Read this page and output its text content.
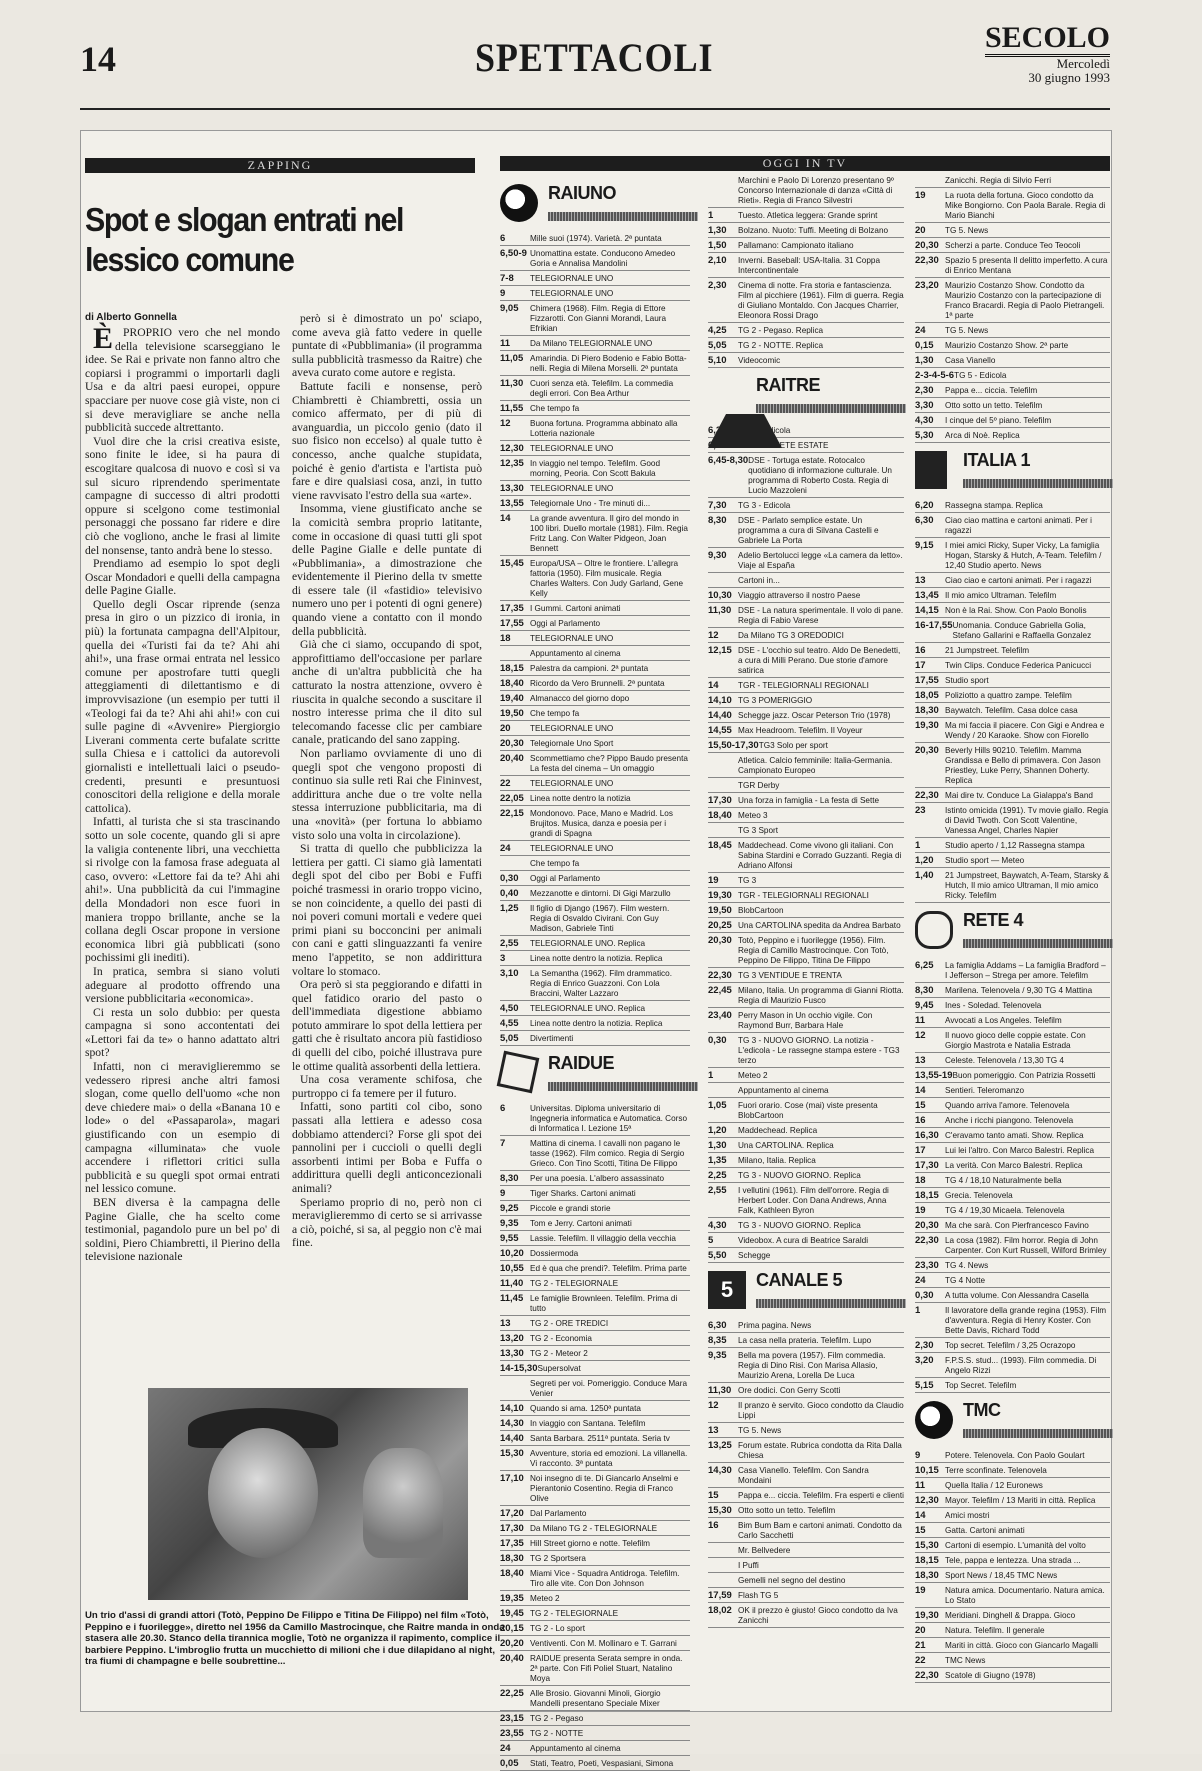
14	SPETTACOLI	SECOLO
Mercoledì
30 giugno 1993
ZAPPING
Spot e slogan entrati nel lessico comune
di Alberto Gonnella

ÈPROPRIO vero che nel mondo della televisione scarseggiano le idee. Se Rai e private non fanno altro che copiarsi i programmi o importarli dagli Usa e da altri paesi europei, oppure spacciare per nuove cose già viste, non ci si deve meravigliare se anche nella pubblicità succede altrettanto.

Vuol dire che la crisi creativa esiste, sono finite le idee, si ha paura di escogitare qualcosa di nuovo e così si va sul sicuro riprendendo sperimentate campagne di successo di altri prodotti oppure si scelgono come testimonial personaggi che possano far ridere e dire ciò che vogliono, anche le frasi al limite del nonsense, tanto andrà bene lo stesso.

Prendiamo ad esempio lo spot degli Oscar Mondadori e quelli della campagna delle Pagine Gialle.

Quello degli Oscar riprende (senza presa in giro o un pizzico di ironia, in più) la fortunata campagna dell'Alpitour, quella dei «Turisti fai da te? Ahi ahi ahi!», una frase ormai entrata nel lessico comune per apostrofare tutti quegli atteggiamenti di dilettantismo e di improvvisazione (un esempio per tutti il «Teologi fai da te? Ahi ahi ahi!» con cui sulle pagine di «Avvenire» Piergiorgio Liverani commenta certe bufalate scritte sulla Chiesa e i cattolici da autorevoli giornalisti e intellettuali laici o pseudo-credenti, presunti e presuntuosi conoscitori della religione e della morale cattolica).

Infatti, al turista che si sta trascinando sotto un sole cocente, quando gli si apre la valigia contenente libri, una vecchietta si rivolge con la famosa frase adeguata al caso, ovvero: «Lettore fai da te? Ahi ahi ahi!». Una pubblicità da cui l'immagine della Mondadori non esce fuori in maniera troppo brillante, anche se la collana degli Oscar propone in versione economica libri già pubblicati (sono pochissimi gli inediti).

In pratica, sembra si siano voluti adeguare al prodotto offrendo una versione pubblicitaria «economica».

Ci resta un solo dubbio: per questa campagna si sono accontentati dei «Lettori fai da te» o hanno adattato altri spot?

Infatti, non ci meraviglieremmo se vedessero ripresi anche altri famosi slogan, come quello dell'uomo «che non deve chiedere mai» o della «Banana 10 e lode» o del «Passaparola», magari giustificando con un esempio di campagna «illuminata» che vuole accendere i riflettori critici sulla pubblicità e su quegli spot ormai entrati nel lessico comune.

BEN diversa è la campagna delle Pagine Gialle, che ha scelto come testimonial, pagandolo pure un bel po' di soldini, Piero Chiambretti, il Pierino della televisione nazionale

però si è dimostrato un po' sciapo, come aveva già fatto vedere in quelle puntate di «Pubblimania» (il programma sulla pubblicità trasmesso da Raitre) che aveva curato come autore e regista.

Battute facili e nonsense, però Chiambretti è Chiambretti, ossia un comico affermato, per di più di avanguardia, un piccolo genio (dato il suo fisico non eccelso) al quale tutto è concesso, anche qualche stupidata, poiché è genio d'artista e l'artista può fare e dire qualsiasi cosa, anzi, in tutto viene ravvisato l'estro della sua «arte».

Insomma, viene giustificato anche se la comicità sembra proprio latitante, come in occasione di quasi tutti gli spot delle Pagine Gialle e delle puntate di «Pubblimania», a dimostrazione che evidentemente il Pierino della tv smette di essere tale (il «fastidio» televisivo numero uno per i potenti di ogni genere) quando viene a contatto con il mondo della pubblicità.

Già che ci siamo, occupando di spot, approfittiamo dell'occasione per parlare anche di un'altra pubblicità che ha catturato la nostra attenzione, ovvero è riuscita in qualche secondo a suscitare il nostro interesse prima che il dito sul telecomando facesse clic per cambiare canale, praticando del sano zapping.

Non parliamo ovviamente di uno di quegli spot che vengono proposti di continuo sia sulle reti Rai che Fininvest, addirittura anche due o tre volte nella stessa interruzione pubblicitaria, ma di una «novità» (per fortuna lo abbiamo visto solo una volta in circolazione).

Si tratta di quello che pubblicizza la lettiera per gatti. Ci siamo già lamentati degli spot del cibo per Bobi e Fuffi poiché trasmessi in orario troppo vicino, se non coincidente, a quello dei pasti di noi poveri comuni mortali e vedere quei primi piani su bocconcini per animali con cani e gatti slinguazzanti fa venire meno l'appetito, se non addirittura voltare lo stomaco.

Ora però si sta peggiorando e difatti in quel fatidico orario del pasto o dell'immediata digestione abbiamo potuto ammirare lo spot della lettiera per gatti che è risultato ancora più fastidioso di quelli del cibo, poiché illustrava pure le ottime qualità assorbenti della lettiera.

Una cosa veramente schifosa, che purtroppo ci fa temere per il futuro.

Infatti, sono partiti col cibo, sono passati alla lettiera e adesso cosa dobbiamo attenderci? Forse gli spot dei pannolini per i cuccioli o quelli degli assorbenti intimi per Boba e Fuffa o addirittura quelli degli anticoncezionali animali?

Speriamo proprio di no, però non ci meraviglieremmo di certo se si arrivasse a ciò, poiché, si sa, al peggio non c'è mai fine.

Un trio d'assi di grandi attori (Totò, Peppino De Filippo e Titina De Filippo) nel film «Totò, Peppino e i fuorilegge», diretto nel 1956 da Camillo Mastrocinque, che Raitre manda in onda stasera alle 20.30. Stanco della tirannica moglie, Totò ne organizza il rapimento, complice il barbiere Peppino. L'imbroglio frutta un mucchietto di milioni che i due dilapidano al night, tra fiumi di champagne e belle soubrettine...
OGGI IN TV
RAIUNO
6	Mille suoi (1974). Varietà. 2ª puntata
6,50-9 Unomattina estate. Conducono Amedeo Goria e Annalisa Mandolini
7-8	TELEGIORNALE UNO
9	TELEGIORNALE UNO
9,05	Chimera (1968). Film. Regia di Ettore Fizzarotti. Con Gianni Morandi, Laura Efrikian
11	Da Milano TELEGIORNALE UNO
11,05 Amarindia. Di Piero Bodenio e Fabio Botta-nelli. Regia di Milena Morselli. 2ª puntata
11,30 Cuori senza età. Telefilm. La commedia degli errori. Con Bea Arthur
11,55 Che tempo fa
12	Buona fortuna. Programma abbinato alla Lotteria nazionale
12,30 TELEGIORNALE UNO
12,35 In viaggio nel tempo. Telefilm. Good morning, Peoria. Con Scott Bakula
13,30 TELEGIORNALE UNO
13,55 Telegiornale Uno - Tre minuti di...
14	La grande avventura. Il giro del mondo in 100 libri. Duello mortale (1981). Film. Regia Fritz Lang. Con Walter Pidgeon, Joan Bennett
15,45 Europa/USA – Oltre le frontiere. L'allegra fattoria (1950). Film musicale. Regia Charles Walters. Con Judy Garland, Gene Kelly
17,35 I Gummi. Cartoni animati
17,55 Oggi al Parlamento
18	TELEGIORNALE UNO
Appuntamento al cinema
18,15 Palestra da campioni. 2ª puntata
18,40 Ricordo da Vero Brunnelli. 2ª puntata
19,40 Almanacco del giorno dopo
19,50 Che tempo fa
20	TELEGIORNALE UNO
20,30 Telegiornale Uno Sport
20,40 Scommettiamo che? Pippo Baudo presenta La festa del cinema – Un omaggio
22	TELEGIORNALE UNO
22,05 Linea notte dentro la notizia
22,15 Mondonovo. Pace, Mano e Madrid. Los Brujitos. Musica, danza e poesia per i grandi di Spagna
24	TELEGIORNALE UNO
Che tempo fa
0,30	Oggi al Parlamento
0,40	Mezzanotte e dintorni. Di Gigi Marzullo
1,25	Il figlio di Django (1967). Film western. Regia di Osvaldo Civirani. Con Guy Madison, Gabriele Tinti
2,55	TELEGIORNALE UNO. Replica
3	Linea notte dentro la notizia. Replica
3,10	La Semantha (1962). Film drammatico. Regia di Enrico Guazzoni. Con Lola Braccini, Walter Lazzaro
4,50	TELEGIORNALE UNO. Replica
4,55	Linea notte dentro la notizia. Replica
5,05	Divertimenti
RAIDUE
6	Universitas. Diploma universitario di Ingegneria informatica e Automatica. Corso di Informatica I. Lezione 15ª
7	Mattina di cinema. I cavalli non pagano le tasse (1962). Film comico. Regia di Sergio Grieco. Con Tino Scotti, Titina De Filippo
8,30	Per una poesia. L'albero assassinato
9	Tiger Sharks. Cartoni animati
9,25	Piccole e grandi storie
9,35	Tom e Jerry. Cartoni animati
9,55	Lassie. Telefilm. Il villaggio della vecchia
10,20 Dossiermoda
10,55 Ed è qua che prendi?. Telefilm. Prima parte
11,40 TG 2 - TELEGIORNALE
11,45 Le famiglie Brownleen. Telefilm. Prima di tutto
13	TG 2 - ORE TREDICI
13,20 TG 2 - Economia
13,30 TG 2 - Meteor 2
14-15,30 Supersolvat
Segreti per voi. Pomeriggio. Conduce Mara Venier
14,10 Quando si ama. 1250ª puntata
14,30 In viaggio con Santana. Telefilm
14,40 Santa Barbara. 2511ª puntata. Seria tv
15,30 Avventure, storia ed emozioni. La villanella. Vi racconto. 3ª puntata
17,10 Noi insegno di te. Di Giancarlo Anselmi e Pierantonio Cosentino. Regia di Franco Olive
17,20 Dal Parlamento
17,30 Da Milano TG 2 - TELEGIORNALE
17,35 Hill Street giorno e notte. Telefilm
18,30 TG 2 Sportsera
18,40 Miami Vice - Squadra Antidroga. Telefilm. Tiro alle vite. Con Don Johnson
19,35 Meteo 2
19,45 TG 2 - TELEGIORNALE
20,15 TG 2 - Lo sport
20,20 Ventiventi. Con M. Mollinaro e T. Garrani
20,40 RAIDUE presenta Serata sempre in onda. 2ª parte. Con Fifi Poliel Stuart, Natalino Moya
22,25 Alle Brosio. Giovanni Minoli, Giorgio Mandelli presentano Speciale Mixer
23,15 TG 2 - Pegaso
23,55 TG 2 - NOTTE
24	Appuntamento al cinema
0,05	Stati, Teatro, Poeti, Vespasiani, Simona
Marchini e Paolo Di Lorenzo presentano 9º Concorso Internazionale di danza «Città di Rieti». Regia di Franco Silvestri
1	Tuesto. Atletica leggera: Grande sprint
1,30	Bolzano. Nuoto: Tuffi. Meeting di Bolzano
1,50	Pallamano: Campionato italiano
2,10	Inverni. Baseball: USA-Italia. 31 Coppa Intercontinentale
2,30	Cinema di notte. Fra storia e fantascienza. Film al picchiere (1961). Film di guerra. Regia di Giuliano Montaldo. Con Jacques Charrier, Eleonora Rossi Drago
4,25	TG 2 - Pegaso. Replica
5,05	TG 2 - NOTTE. Replica
5,10	Videocomic
RAITRE
6,25	TG 3 - Edicola
6,45-14 LA TRAREETE ESTATE
6,45-8,30 DSE - Tortuga estate. Rotocalco quotidiano di informazione culturale. Un programma di Roberto Costa. Regia di Lucio Mazzoleni
7,30	TG 3 - Edicola
8,30	DSE - Parlato semplice estate. Un programma a cura di Silvana Castelli e Gabriele La Porta
9,30	Adelio Bertolucci legge «La camera da letto». Viaje al España
Cartoni in...
10,30 Viaggio attraverso il nostro Paese
11,30 DSE - La natura sperimentale. Il volo di pane. Regia di Fabio Varese
12	Da Milano TG 3 OREDODICI
12,15 DSE - L'occhio sul teatro. Aldo De Benedetti, a cura di Milli Perano. Due storie d'amore satirica
14	TGR - TELEGIORNALI REGIONALI
14,10 TG 3 POMERIGGIO
14,40 Schegge jazz. Oscar Peterson Trio (1978)
14,55 Max Headroom. Telefilm. Il Voyeur
15,50-17,30 TG3 Solo per sport
Atletica. Calcio femminile: Italia-Germania. Campionato Europeo
TGR Derby
17,30 Una forza in famiglia - La festa di Sette
18,40 Meteo 3
TG 3 Sport
18,45 Maddechead. Come vivono gli italiani. Con Sabina Stardini e Corrado Guzzanti. Regia di Adriano Alfonsi
19	TG 3
19,30 TGR - TELEGIORNALI REGIONALI
19,50 BlobCartoon
20,25 Una CARTOLINA spedita da Andrea Barbato
20,30 Totò, Peppino e i fuorilegge (1956). Film. Regia di Camillo Mastrocinque. Con Totò, Peppino De Filippo, Titina De Filippo
22,30 TG 3 VENTIDUE E TRENTA
22,45 Milano, Italia. Un programma di Gianni Riotta. Regia di Maurizio Fusco
23,40 Perry Mason in Un occhio vigile. Con Raymond Burr, Barbara Hale
0,30	TG 3 - NUOVO GIORNO. La notizia - L'edicola - Le rassegne stampa estere - TG3 terzo
1	Meteo 2
Appuntamento al cinema
1,05	Fuori orario. Cose (mai) viste presenta BlobCartoon
1,20	Maddechead. Replica
1,30	Una CARTOLINA. Replica
1,35	Milano, Italia. Replica
2,25	TG 3 - NUOVO GIORNO. Replica
2,55	I vellutini (1961). Film dell'orrore. Regia di Herbert Loder. Con Dana Andrews, Anna Falk, Kathleen Byron
4,30	TG 3 - NUOVO GIORNO. Replica
5	Videobox. A cura di Beatrice Saraldi
5,50	Schegge
5	CANALE 5
6,30	Prima pagina. News
8,35	La casa nella prateria. Telefilm. Lupo
9,35	Bella ma povera (1957). Film commedia. Regia di Dino Risi. Con Marisa Allasio, Maurizio Arena, Lorella De Luca
11,30 Ore dodici. Con Gerry Scotti
12	Il pranzo è servito. Gioco condotto da Claudio Lippi
13	TG 5. News
13,25 Forum estate. Rubrica condotta da Rita Dalla Chiesa
14,30 Casa Vianello. Telefilm. Con Sandra Mondaini
15	Pappa e... ciccia. Telefilm. Fra esperti e clienti
15,30 Otto sotto un tetto. Telefilm
16	Bim Bum Bam e cartoni animati. Condotto da Carlo Sacchetti
Mr. Bellvedere
I Puffi
Gemelli nel segno del destino
17,59 Flash TG 5
18,02 OK il prezzo è giusto! Gioco condotto da Iva Zanicchi
Zanicchi. Regia di Silvio Ferri
19	La ruota della fortuna. Gioco condotto da Mike Bongiorno. Con Paola Barale. Regia di Mario Bianchi
20	TG 5. News
20,30 Scherzi a parte. Conduce Teo Teocoli
22,30 Spazio 5 presenta Il delitto imperfetto. A cura di Enrico Mentana
23,20 Maurizio Costanzo Show. Condotto da Maurizio Costanzo con la partecipazione di Franco Bracardi. Regia di Paolo Pietrangeli. 1ª parte
24	TG 5. News
0,15	Maurizio Costanzo Show. 2ª parte
1,30	Casa Vianello
2-3-4-5-6 TG 5 - Edicola
2,30	Pappa e... ciccia. Telefilm
3,30	Otto sotto un tetto. Telefilm
4,30	I cinque del 5º piano. Telefilm
5,30	Arca di Noè. Replica
ITALIA 1
6,20	Rassegna stampa. Replica
6,30	Ciao ciao mattina e cartoni animati. Per i ragazzi
9,15	I miei amici Ricky, Super Vicky, La famiglia Hogan, Starsky & Hutch, A-Team. Telefilm / 12,40 Studio aperto. News
13	Ciao ciao e cartoni animati. Per i ragazzi
13,45 Il mio amico Ultraman. Telefilm
14,15 Non è la Rai. Show. Con Paolo Bonolis
16-17,55 Unomania. Conduce Gabriella Golia, Stefano Gallarini e Raffaella Gonzalez
16	21 Jumpstreet. Telefilm
17	Twin Clips. Conduce Federica Panicucci
17,55 Studio sport
18,05 Poliziotto a quattro zampe. Telefilm
18,30 Baywatch. Telefilm. Casa dolce casa
19,30 Ma mi faccia il piacere. Con Gigi e Andrea e Wendy / 20 Karaoke. Show con Fiorello
20,30 Beverly Hills 90210. Telefilm. Mamma Grandissa e Bello di primavera. Con Jason Priestley, Luke Perry, Shannen Doherty. Replica
22,30 Mai dire tv. Conduce La Gialappa's Band
23	Istinto omicida (1991). Tv movie giallo. Regia di David Twoth. Con Scott Valentine, Vanessa Angel, Charles Napier
1	Studio aperto / 1,12 Rassegna stampa
1,20	Studio sport — Meteo
1,40	21 Jumpstreet, Baywatch, A-Team, Starsky & Hutch, Il mio amico Ultraman, Il mio amico Ricky. Telefilm
RETE 4
6,25	La famiglia Addams – La famiglia Bradford – I Jefferson – Strega per amore. Telefilm
8,30	Marilena. Telenovela / 9,30 TG 4 Mattina
9,45	Ines - Soledad. Telenovela
11	Avvocati a Los Angeles. Telefilm
12	Il nuovo gioco delle coppie estate. Con Giorgio Mastrota e Natalia Estrada
13	Celeste. Telenovela / 13,30 TG 4
13,55-19 Buon pomeriggio. Con Patrizia Rossetti
14	Sentieri. Teleromanzo
15	Quando arriva l'amore. Telenovela
16	Anche i ricchi piangono. Telenovela
16,30 C'eravamo tanto amati. Show. Replica
17	Lui lei l'altro. Con Marco Balestri. Replica
17,30 La verità. Con Marco Balestri. Replica
18	TG 4 / 18,10 Naturalmente bella
18,15 Grecia. Telenovela
19	TG 4 / 19,30 Micaela. Telenovela
20,30 Ma che sarà. Con Pierfrancesco Favino
22,30 La cosa (1982). Film horror. Regia di John Carpenter. Con Kurt Russell, Wilford Brimley
23,30 TG 4. News
24	TG 4 Notte
0,30	A tutta volume. Con Alessandra Casella
1	Il lavoratore della grande regina (1953). Film d'avventura. Regia di Henry Koster. Con Bette Davis, Richard Todd
2,30	Top secret. Telefilm / 3,25 Ocrazopo
3,20	F.P.S.S. stud... (1993). Film commedia. Di Angelo Rizzi
5,15	Top Secret. Telefilm
TMC
9	Potere. Telenovela. Con Paolo Goulart
10,15 Terre sconfinate. Telenovela
11	Quella Italia / 12 Euronews
12,30 Mayor. Telefilm / 13 Mariti in città. Replica
14	Amici mostri
15	Gatta. Cartoni animati
15,30 Cartoni di esempio. L'umanità del volto
18,15 Tele, pappa e lentezza. Una strada ...
18,30 Sport News / 18,45 TMC News
19	Natura amica. Documentario. Natura amica. Lo Stato
19,30 Meridiani. Dinghell & Drappa. Gioco
20	Natura. Telefilm. Il generale
21	Mariti in città. Gioco con Giancarlo Magalli
22	TMC News
22,30 Scatole di Giugno (1978)
